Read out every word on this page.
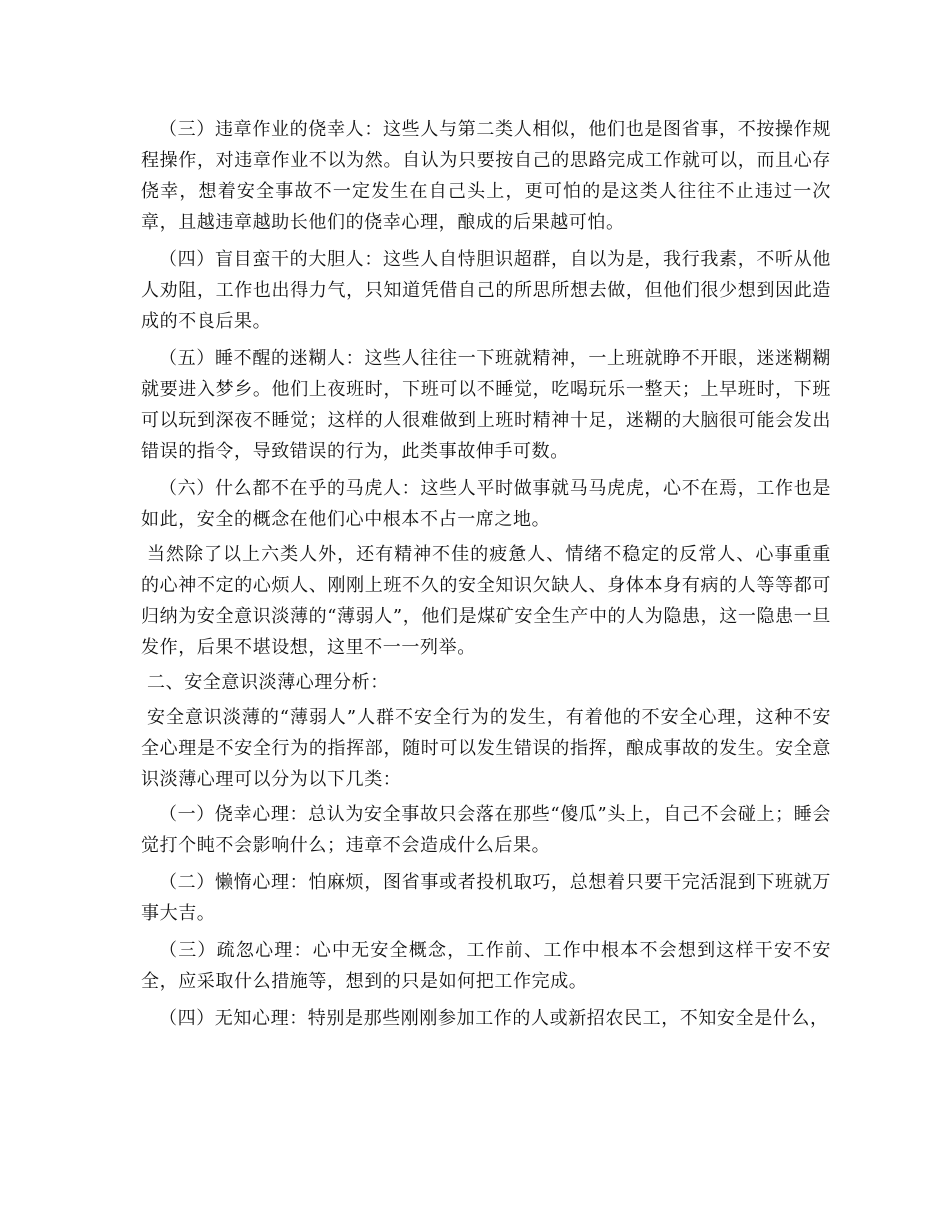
（三）违章作业的侥幸人：这些人与第二类人相似，他们也是图省事，不按操作规程操作，对违章作业不以为然。自认为只要按自己的思路完成工作就可以，而且心存侥幸，想着安全事故不一定发生在自己头上，更可怕的是这类人往往不止违过一次章，且越违章越助长他们的侥幸心理，酿成的后果越可怕。

（四）盲目蛮干的大胆人：这些人自恃胆识超群，自以为是，我行我素，不听从他人劝阻，工作也出得力气，只知道凭借自己的所思所想去做，但他们很少想到因此造成的不良后果。

（五）睡不醒的迷糊人：这些人往往一下班就精神，一上班就睁不开眼，迷迷糊糊就要进入梦乡。他们上夜班时，下班可以不睡觉，吃喝玩乐一整天；上早班时，下班可以玩到深夜不睡觉；这样的人很难做到上班时精神十足，迷糊的大脑很可能会发出错误的指令，导致错误的行为，此类事故伸手可数。

（六）什么都不在乎的马虎人：这些人平时做事就马马虎虎，心不在焉，工作也是如此，安全的概念在他们心中根本不占一席之地。

当然除了以上六类人外，还有精神不佳的疲惫人、情绪不稳定的反常人、心事重重的心神不定的心烦人、刚刚上班不久的安全知识欠缺人、身体本身有病的人等等都可归纳为安全意识淡薄的“薄弱人”，他们是煤矿安全生产中的人为隐患，这一隐患一旦发作，后果不堪设想，这里不一一列举。

二、安全意识淡薄心理分析：

安全意识淡薄的“薄弱人”人群不安全行为的发生，有着他的不安全心理，这种不安全心理是不安全行为的指挥部，随时可以发生错误的指挥，酿成事故的发生。安全意识淡薄心理可以分为以下几类：

（一）侥幸心理：总认为安全事故只会落在那些“傻瓜”头上，自己不会碰上；睡会觉打个盹不会影响什么；违章不会造成什么后果。

（二）懒惰心理：怕麻烦，图省事或者投机取巧，总想着只要干完活混到下班就万事大吉。

（三）疏忽心理：心中无安全概念，工作前、工作中根本不会想到这样干安不安全，应采取什么措施等，想到的只是如何把工作完成。

（四）无知心理：特别是那些刚刚参加工作的人或新招农民工，不知安全是什么，
